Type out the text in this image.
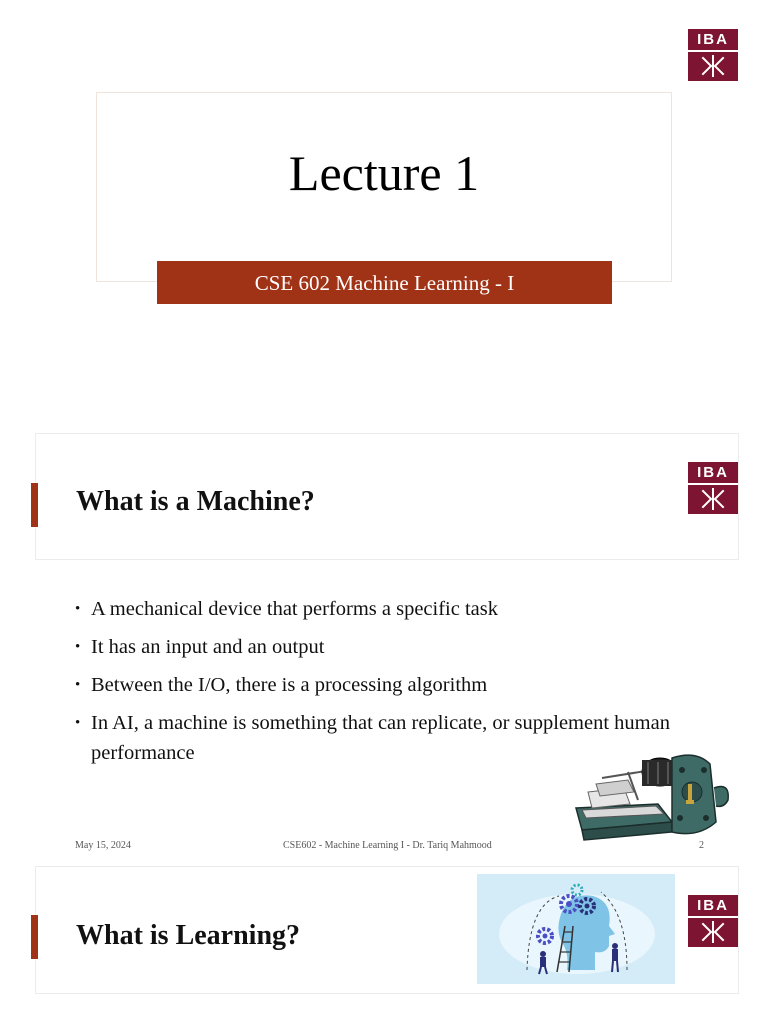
IBA
Lecture 1
CSE 602 Machine Learning - I
What is a Machine?
IBA
• A mechanical device that performs a specific task
• It has an input and an output
• Between the I/O, there is a processing algorithm
• In AI, a machine is something that can replicate, or supplement human performance
May 15, 2024	CSE602 - Machine Learning I - Dr. Tariq Mahmood	2
What is Learning?
IBA
